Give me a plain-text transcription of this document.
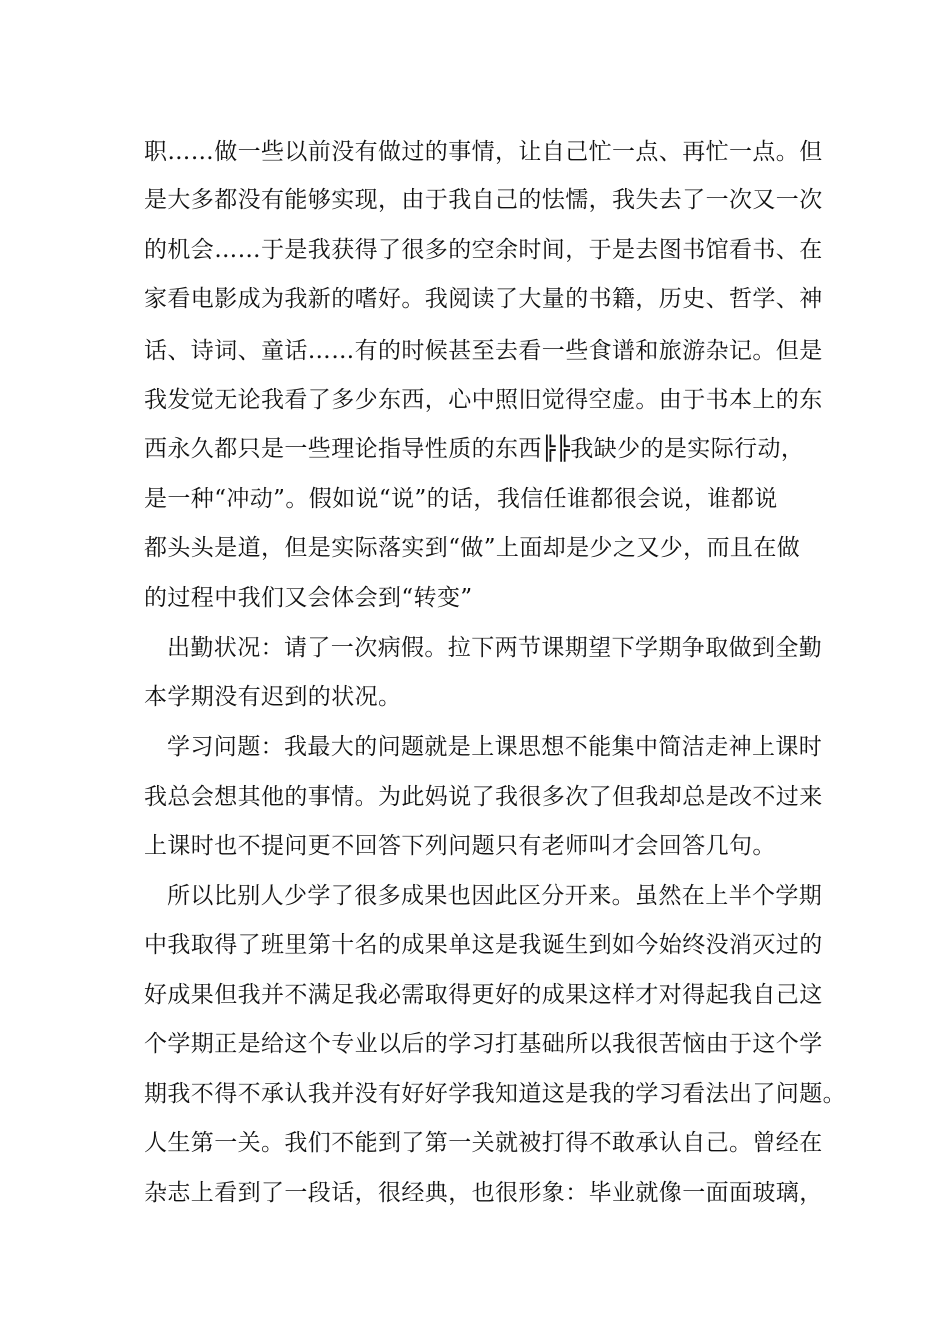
职……做一些以前没有做过的事情，让自己忙一点、再忙一点。但
是大多都没有能够实现，由于我自己的怯懦，我失去了一次又一次
的机会……于是我获得了很多的空余时间，于是去图书馆看书、在
家看电影成为我新的嗜好。我阅读了大量的书籍，历史、哲学、神
话、诗词、童话……有的时候甚至去看一些食谱和旅游杂记。但是
我发觉无论我看了多少东西，心中照旧觉得空虚。由于书本上的东
西永久都只是一些理论指导性质的东西╠╠我缺少的是实际行动，
是一种“冲动”。假如说“说”的话，我信任谁都很会说，谁都说
都头头是道，但是实际落实到“做”上面却是少之又少，而且在做
的过程中我们又会体会到“转变”
出勤状况：请了一次病假。拉下两节课期望下学期争取做到全勤
本学期没有迟到的状况。
学习问题：我最大的问题就是上课思想不能集中简洁走神上课时
我总会想其他的事情。为此妈说了我很多次了但我却总是改不过来
上课时也不提问更不回答下列问题只有老师叫才会回答几句。
所以比别人少学了很多成果也因此区分开来。虽然在上半个学期
中我取得了班里第十名的成果单这是我诞生到如今始终没消灭过的
好成果但我并不满足我必需取得更好的成果这样才对得起我自己这
个学期正是给这个专业以后的学习打基础所以我很苦恼由于这个学
期我不得不承认我并没有好好学我知道这是我的学习看法出了问题。
人生第一关。我们不能到了第一关就被打得不敢承认自己。曾经在
杂志上看到了一段话，很经典，也很形象：毕业就像一面面玻璃，
